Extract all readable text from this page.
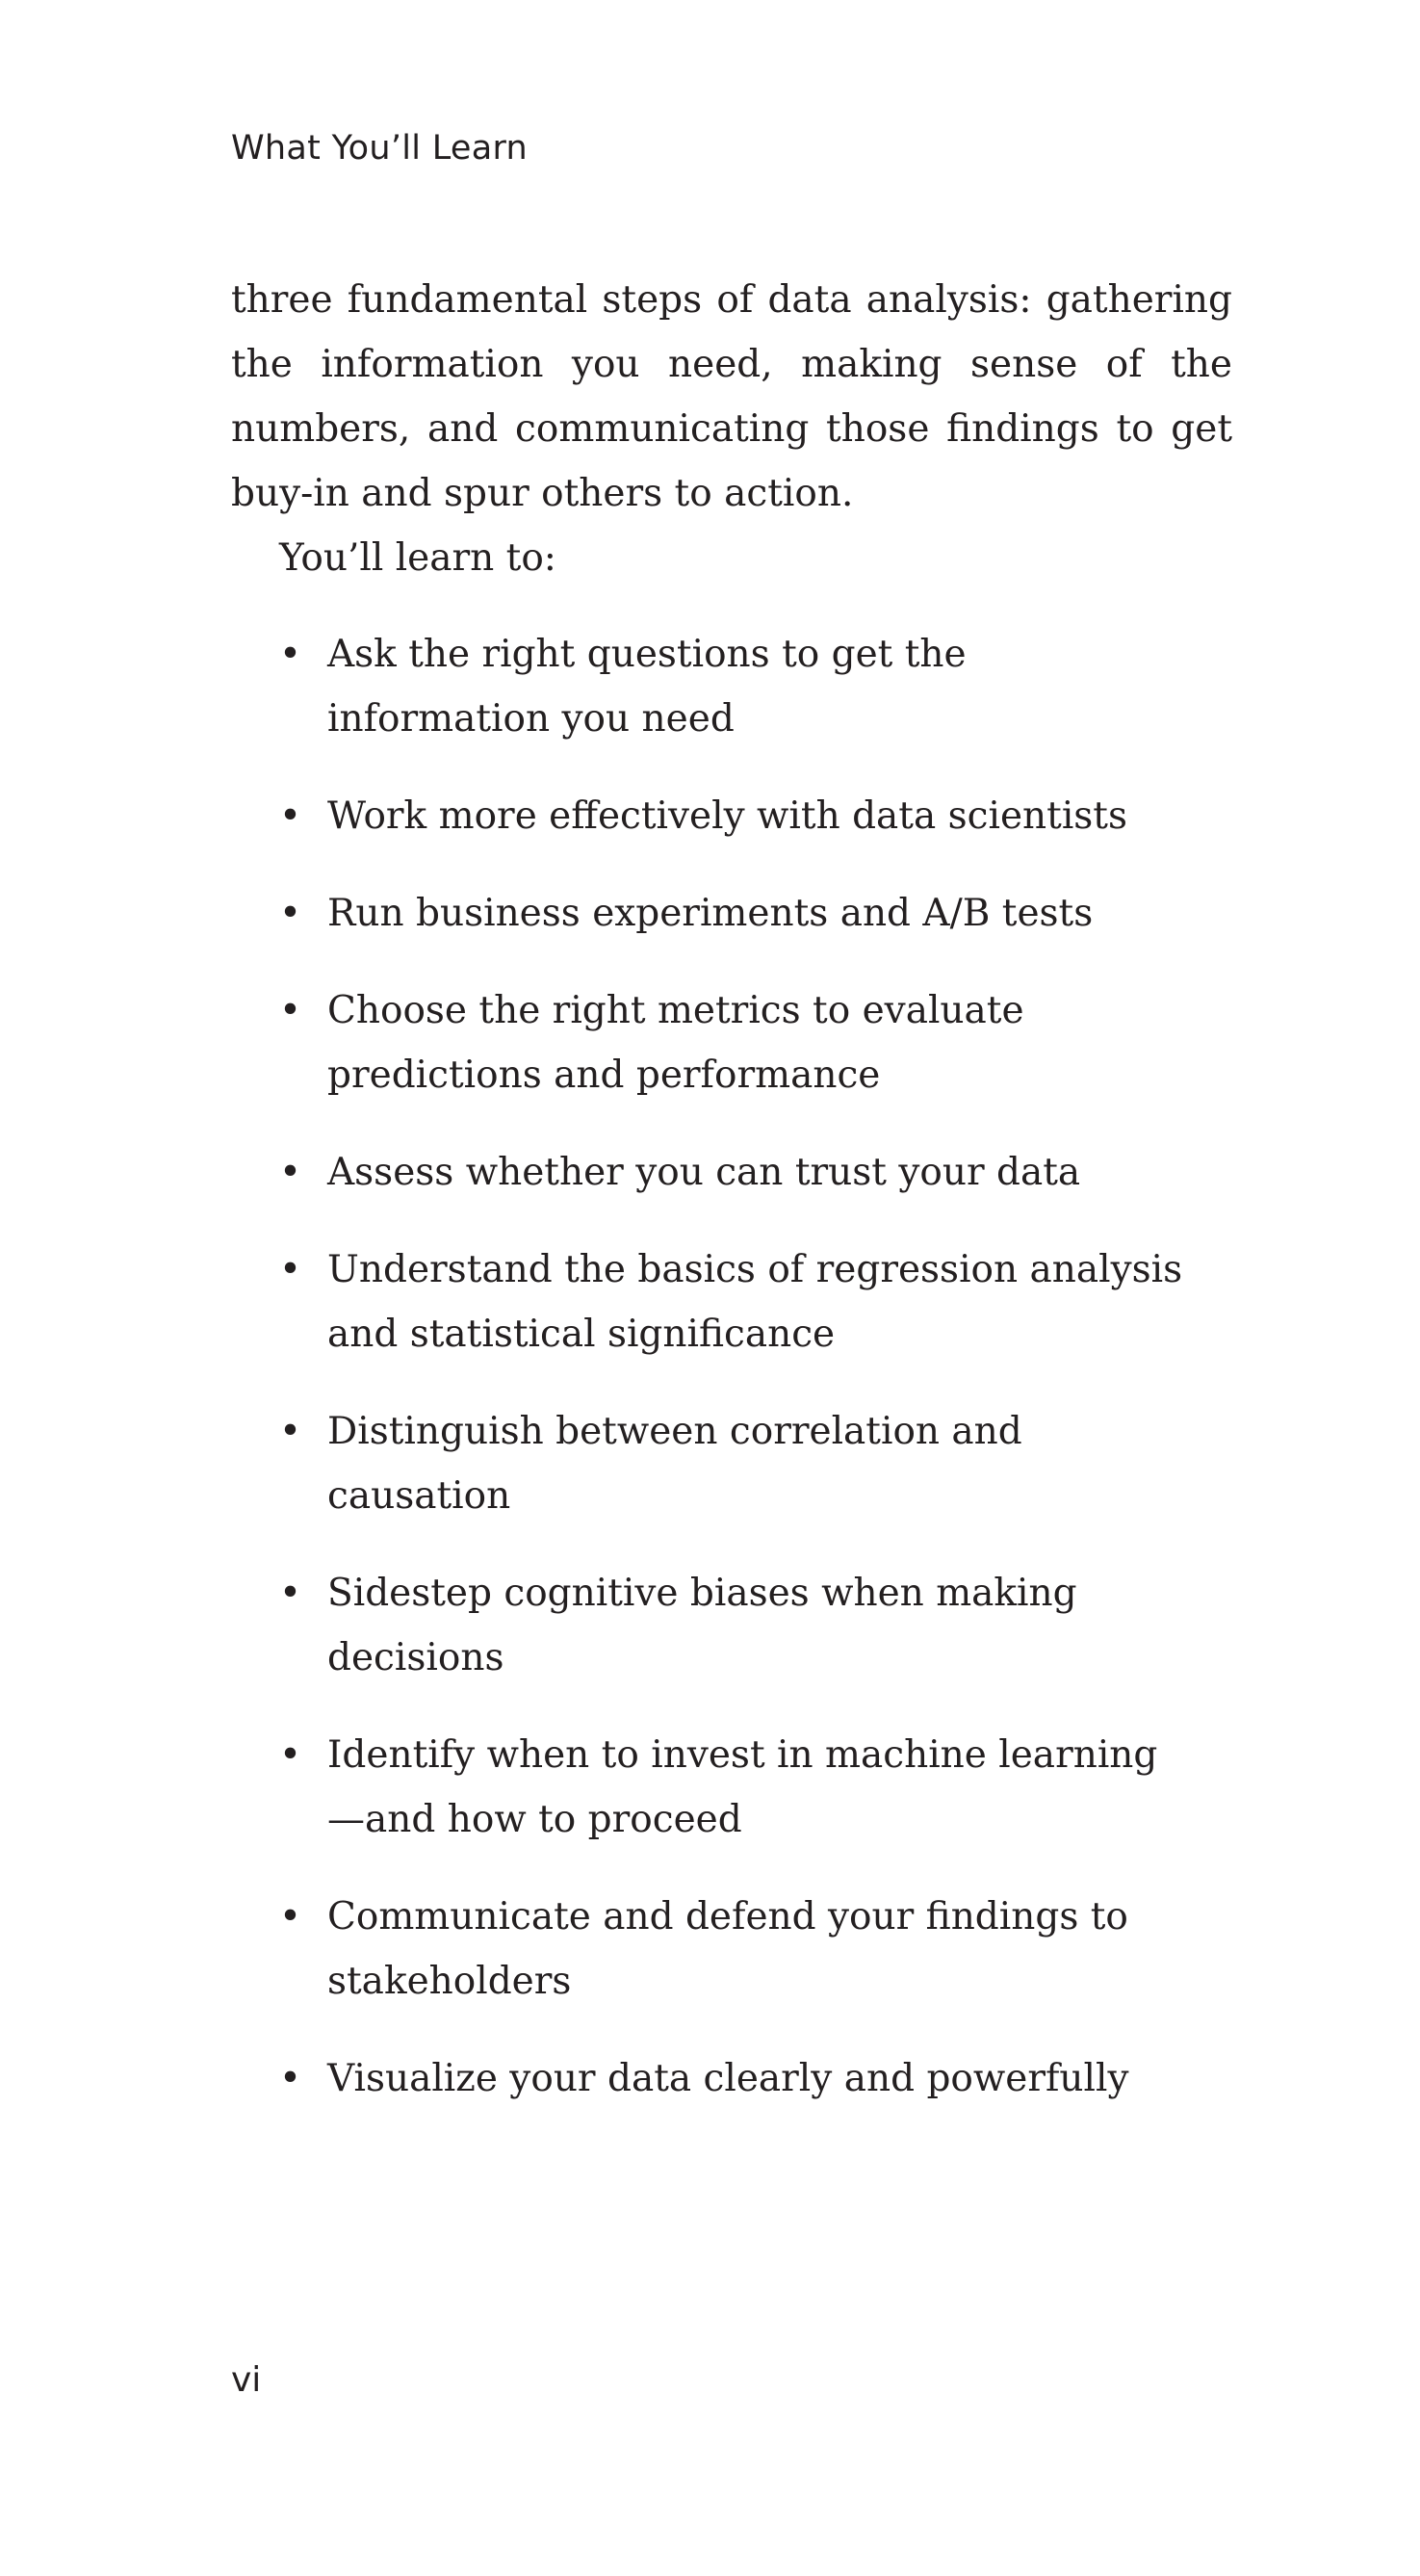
What You’ll Learn

three fundamental steps of data analysis: gathering the information you need, making sense of the numbers, and communicating those findings to get buy-in and spur others to action.

You’ll learn to:

• Ask the right questions to get the information you need
• Work more effectively with data scientists
• Run business experiments and A/B tests
• Choose the right metrics to evaluate predictions and performance
• Assess whether you can trust your data
• Understand the basics of regression analysis and statistical significance
• Distinguish between correlation and causation
• Sidestep cognitive biases when making decisions
• Identify when to invest in machine learning—and how to proceed
• Communicate and defend your findings to stakeholders
• Visualize your data clearly and powerfully
vi
